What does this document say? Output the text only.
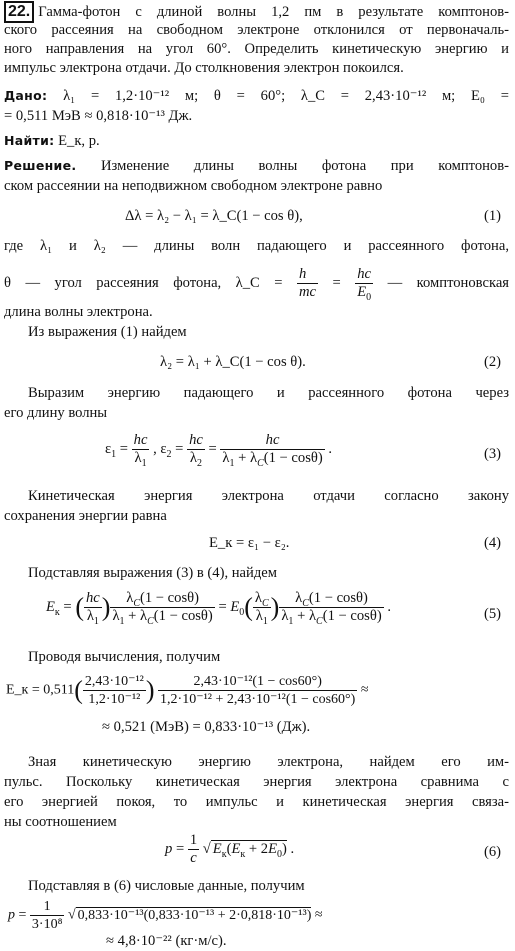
22. Гамма-фотон с длиной волны 1,2 пм в результате комптонов-
ского рассеяния на свободном электроне отклонился от первоначаль-
ного направления на угол 60°. Определить кинетическую энергию и
импульс электрона отдачи. До столкновения электрон покоился.
Дано: λ₁ = 1,2·10⁻¹² м; θ = 60°; λ_C = 2,43·10⁻¹² м; E₀ =
= 0,511 МэВ ≈ 0,818·10⁻¹³ Дж.
Найти: E_к, p.
Решение. Изменение длины волны фотона при комптонов-
ском рассеянии на неподвижном свободном электроне равно
Δλ = λ₂ − λ₁ = λ_C(1 − cos θ),	(1)
где λ₁ и λ₂ — длины волн падающего и рассеянного фотона,
θ — угол рассеяния фотона, λ_C = $\frac{h}{mc} = \frac{hc}{E_0}$ — комптоновская
длина волны электрона.
Из выражения (1) найдем
λ₂ = λ₁ + λ_C(1 − cos θ).	(2)
Выразим энергию падающего и рассеянного фотона через
его длину волны
$\varepsilon_1 = \frac{hc}{\lambda_1}$ , $\varepsilon_2 = \frac{hc}{\lambda_2} = \frac{hc}{\lambda_1 + \lambda_C(1 - \cos\theta)}$ .	(3)
Кинетическая энергия электрона отдачи согласно закону
сохранения энергии равна
E_к = ε₁ − ε₂.	(4)
Подставляя выражения (3) в (4), найдем
$E_к$ = ( $\frac{hc}{\lambda_1}$ ) $\frac{\lambda_C(1 - \cos\theta)}{\lambda_1 + \lambda_C(1 - \cos\theta)} = E_0( \frac{\lambda_C}{\lambda_1}$ ) $\frac{\lambda_C(1 - \cos\theta)}{\lambda_1 + \lambda_C(1 - \cos\theta)}$ .	(5)
Проводя вычисления, получим
E_к = $0,511( \frac{\text{2,43·10⁻¹²}}{\text{1,2·10⁻¹²}}$ ) $\frac{\text{2,43·10⁻¹²(1 − cos60°)}}{\text{1,2·10⁻¹² + 2,43·10⁻¹²(1 − cos60°)}}$ ≈
≈ 0,521 (МэВ) = 0,833·10⁻¹³ (Дж).
Зная кинетическую энергию электрона, найдем его им-
пульс. Поскольку кинетическая энергия электрона сравнима с
его энергией покоя, то импульс и кинетическая энергия связа-
ны соотношением
$p = \frac{1}{c}$ √ $E_к(E_к + 2E_0)$ .	(6)
Подставляя в (6) числовые данные, получим
$p = \frac{1}{\text{3·10⁸}}$ √ 0,833·10⁻¹³(0,833·10⁻¹³ + 2·0,818·10⁻¹³) ≈
≈ 4,8·10⁻²² (кг·м/с).
